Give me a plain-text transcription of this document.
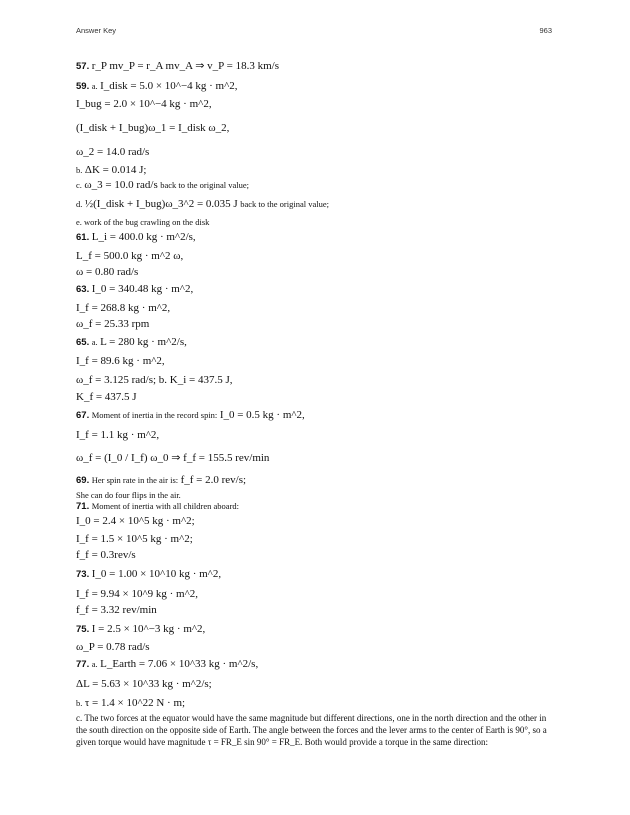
Answer Key	963
57. r_P mv_P = r_A mv_A ⇒ v_P = 18.3 km/s
59. a. I_disk = 5.0 × 10^−4 kg · m^2,
I_bug = 2.0 × 10^−4 kg · m^2,
(I_disk + I_bug)ω_1 = I_disk ω_2,
ω_2 = 14.0 rad/s
b. ΔK = 0.014 J;
c. ω_3 = 10.0 rad/s back to the original value;
d. ½(I_disk + I_bug)ω_3^2 = 0.035 J back to the original value;
e. work of the bug crawling on the disk
61. L_i = 400.0 kg · m^2/s,
L_f = 500.0 kg · m^2 ω,
ω = 0.80 rad/s
63. I_0 = 340.48 kg · m^2,
I_f = 268.8 kg · m^2,
ω_f = 25.33 rpm
65. a. L = 280 kg · m^2/s,
I_f = 89.6 kg · m^2,
ω_f = 3.125 rad/s; b. K_i = 437.5 J,
K_f = 437.5 J
67. Moment of inertia in the record spin: I_0 = 0.5 kg · m^2,
I_f = 1.1 kg · m^2,
ω_f = (I_0 / I_f) ω_0 ⇒ f_f = 155.5 rev/min
69. Her spin rate in the air is: f_f = 2.0 rev/s;
She can do four flips in the air.
71. Moment of inertia with all children aboard:
I_0 = 2.4 × 10^5 kg · m^2;
I_f = 1.5 × 10^5 kg · m^2;
f_f = 0.3rev/s
73. I_0 = 1.00 × 10^10 kg · m^2,
I_f = 9.94 × 10^9 kg · m^2,
f_f = 3.32 rev/min
75. I = 2.5 × 10^−3 kg · m^2,
ω_P = 0.78 rad/s
77. a. L_Earth = 7.06 × 10^33 kg · m^2/s,
ΔL = 5.63 × 10^33 kg · m^2/s;
b. τ = 1.4 × 10^22 N · m;
c. The two forces at the equator would have the same magnitude but different directions, one in the north direction and the other in the south direction on the opposite side of Earth. The angle between the forces and the lever arms to the center of Earth is 90°, so a given torque would have magnitude τ = FR_E sin 90° = FR_E. Both would provide a torque in the same direction:
